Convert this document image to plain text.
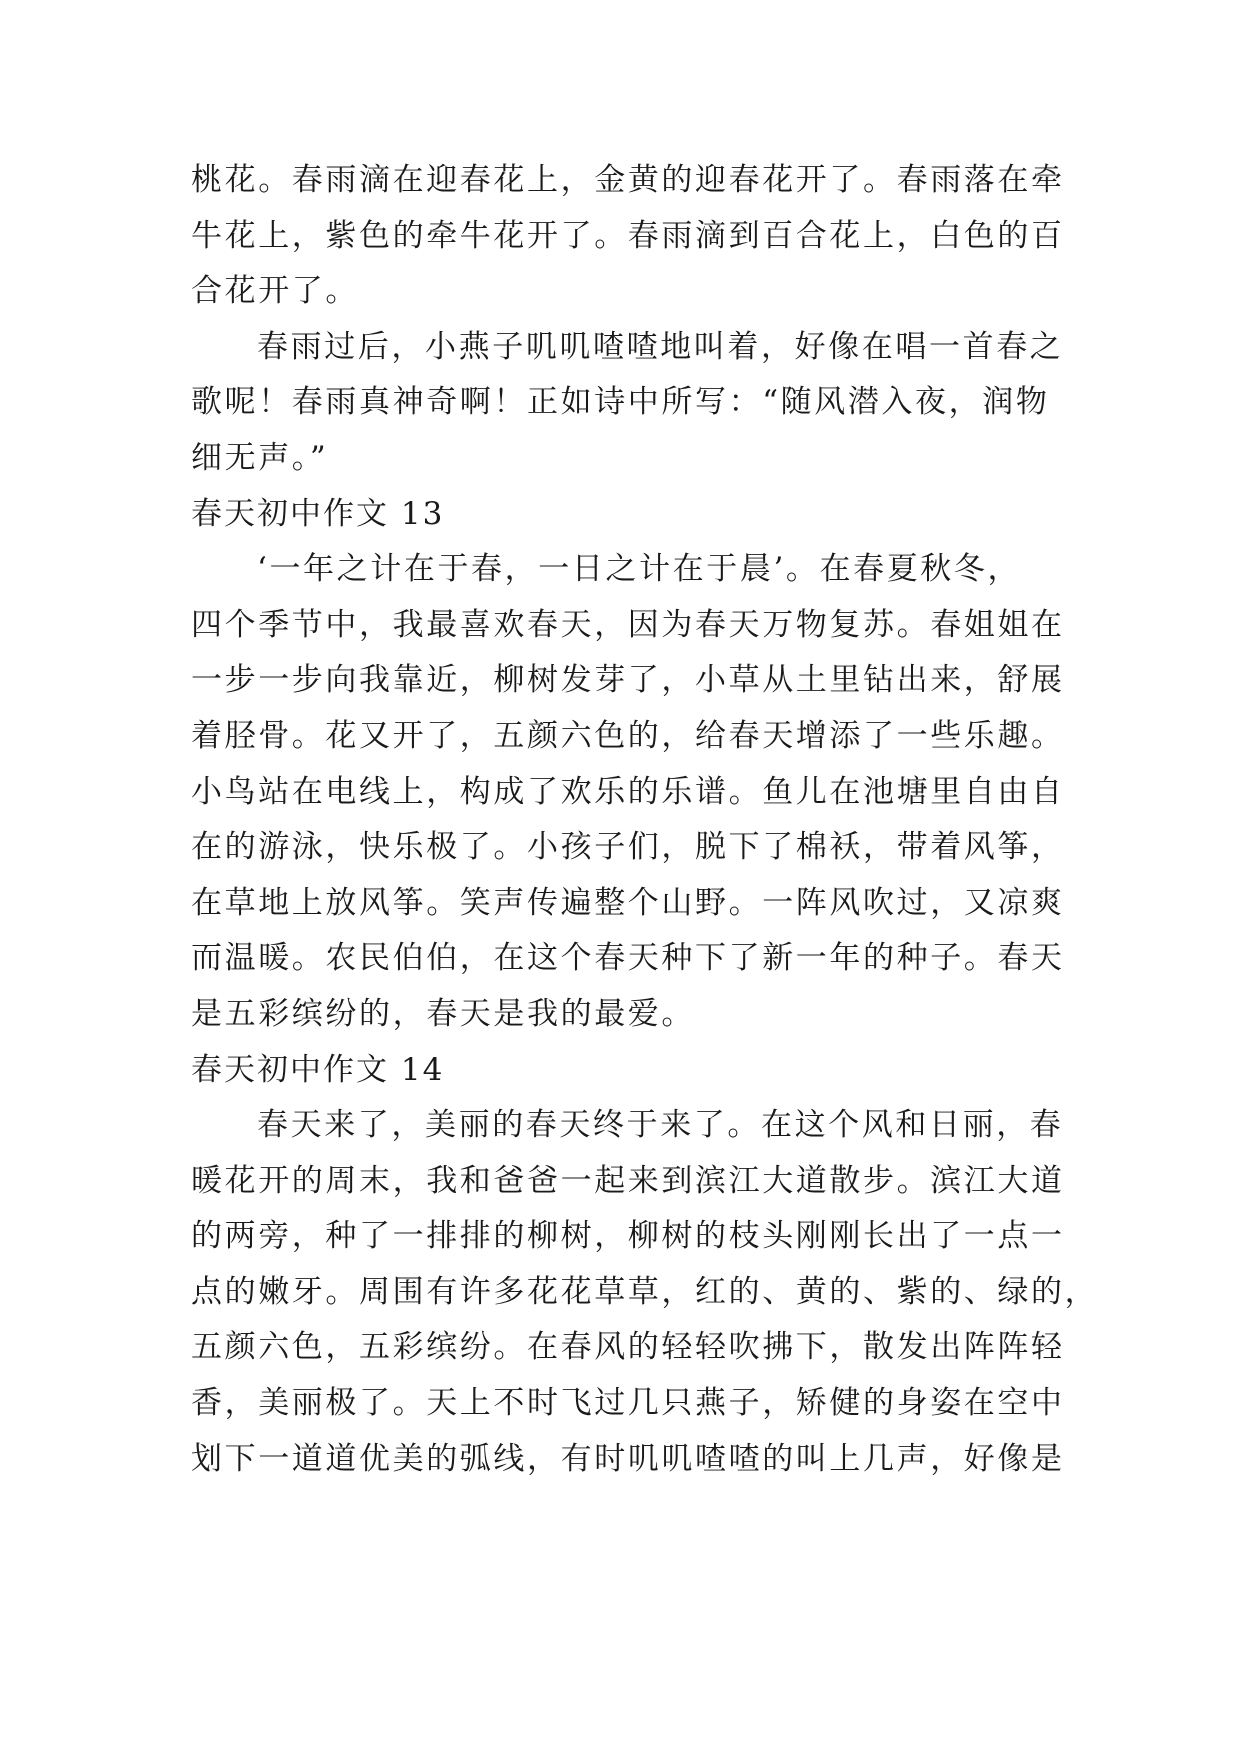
桃花。春雨滴在迎春花上，金黄的迎春花开了。春雨落在牵
牛花上，紫色的牵牛花开了。春雨滴到百合花上，白色的百
合花开了。
春雨过后，小燕子叽叽喳喳地叫着，好像在唱一首春之
歌呢！春雨真神奇啊！正如诗中所写：“随风潜入夜，润物
细无声。”
春天初中作文 13
‘一年之计在于春，一日之计在于晨’。在春夏秋冬，
四个季节中，我最喜欢春天，因为春天万物复苏。春姐姐在
一步一步向我靠近，柳树发芽了，小草从土里钻出来，舒展
着胫骨。花又开了，五颜六色的，给春天增添了一些乐趣。
小鸟站在电线上，构成了欢乐的乐谱。鱼儿在池塘里自由自
在的游泳，快乐极了。小孩子们，脱下了棉袄，带着风筝，
在草地上放风筝。笑声传遍整个山野。一阵风吹过，又凉爽
而温暖。农民伯伯，在这个春天种下了新一年的种子。春天
是五彩缤纷的，春天是我的最爱。
春天初中作文 14
春天来了，美丽的春天终于来了。在这个风和日丽，春
暖花开的周末，我和爸爸一起来到滨江大道散步。滨江大道
的两旁，种了一排排的柳树，柳树的枝头刚刚长出了一点一
点的嫩牙。周围有许多花花草草，红的、黄的、紫的、绿的，
五颜六色，五彩缤纷。在春风的轻轻吹拂下，散发出阵阵轻
香，美丽极了。天上不时飞过几只燕子，矫健的身姿在空中
划下一道道优美的弧线，有时叽叽喳喳的叫上几声，好像是
